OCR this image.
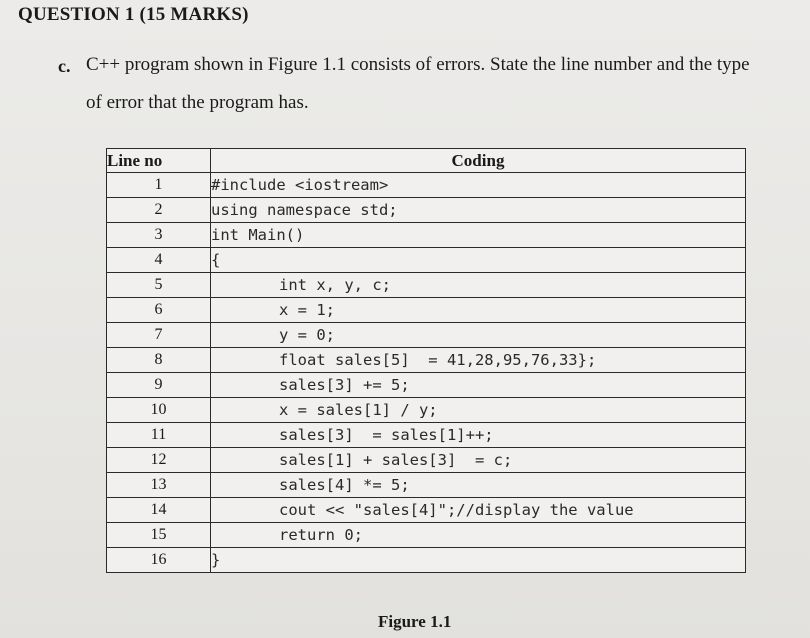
QUESTION 1 (15 MARKS)
c. C++ program shown in Figure 1.1 consists of errors. State the line number and the type
of error that the program has.
Line no	Coding
1	#include <iostream>
2	using namespace std;
3	int Main()
4	{
5	int x, y, c;
6	x = 1;
7	y = 0;
8	float sales[5]  = 41,28,95,76,33};
9	sales[3] += 5;
10	x = sales[1] / y;
11	sales[3]  = sales[1]++;
12	sales[1] + sales[3]  = c;
13	sales[4] *= 5;
14	cout << "sales[4]";//display the value
15	return 0;
16	}
Figure 1.1
